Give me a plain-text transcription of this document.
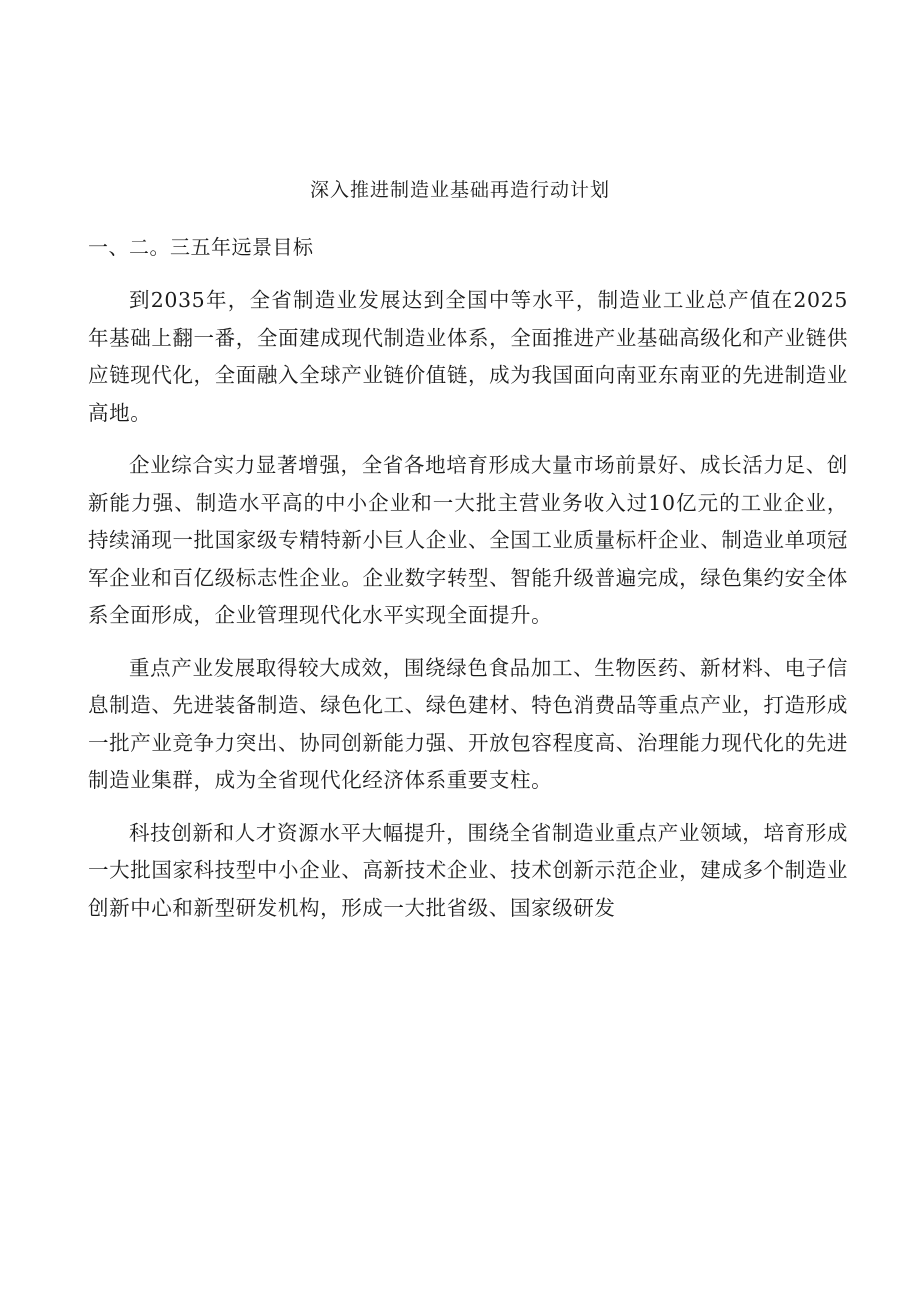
深入推进制造业基础再造行动计划
一、二。三五年远景目标

到2035年，全省制造业发展达到全国中等水平，制造业工业总产值在2025年基础上翻一番，全面建成现代制造业体系，全面推进产业基础高级化和产业链供应链现代化，全面融入全球产业链价值链，成为我国面向南亚东南亚的先进制造业高地。

企业综合实力显著增强，全省各地培育形成大量市场前景好、成长活力足、创新能力强、制造水平高的中小企业和一大批主营业务收入过10亿元的工业企业，持续涌现一批国家级专精特新小巨人企业、全国工业质量标杆企业、制造业单项冠军企业和百亿级标志性企业。企业数字转型、智能升级普遍完成，绿色集约安全体系全面形成，企业管理现代化水平实现全面提升。

重点产业发展取得较大成效，围绕绿色食品加工、生物医药、新材料、电子信息制造、先进装备制造、绿色化工、绿色建材、特色消费品等重点产业，打造形成一批产业竞争力突出、协同创新能力强、开放包容程度高、治理能力现代化的先进制造业集群，成为全省现代化经济体系重要支柱。

科技创新和人才资源水平大幅提升，围绕全省制造业重点产业领域，培育形成一大批国家科技型中小企业、高新技术企业、技术创新示范企业，建成多个制造业创新中心和新型研发机构，形成一大批省级、国家级研发
